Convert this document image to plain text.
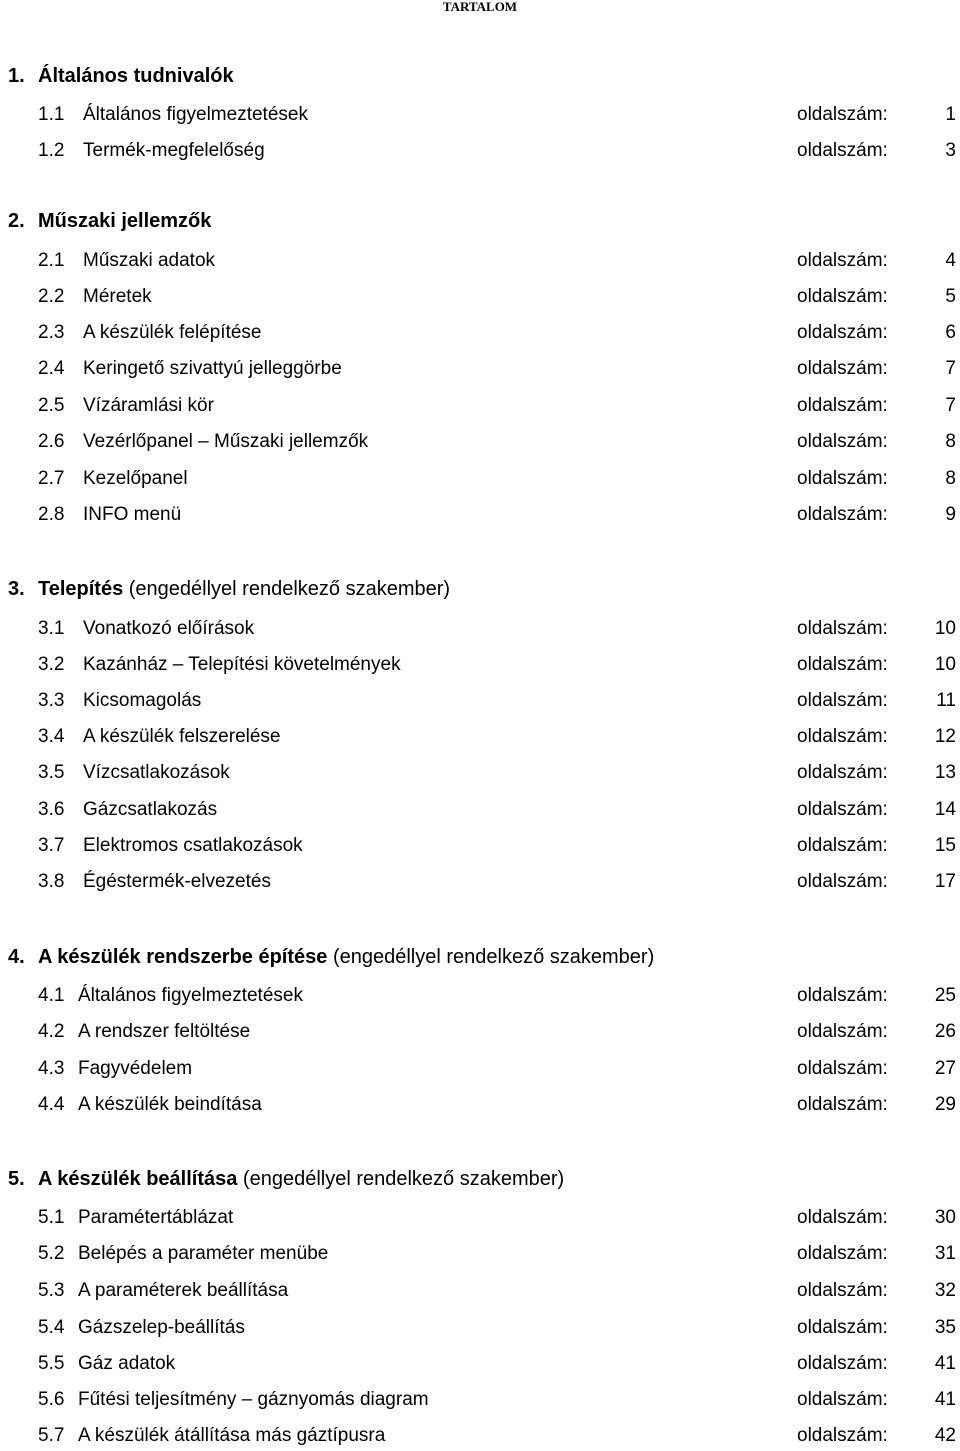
TARTALOM
1. Általános tudnivalók
1.1 Általános figyelmeztetések	oldalszám:	1
1.2 Termék-megfelelőség	oldalszám:	3
2. Műszaki jellemzők
2.1 Műszaki adatok	oldalszám:	4
2.2 Méretek	oldalszám:	5
2.3 A készülék felépítése	oldalszám:	6
2.4 Keringető szivattyú jelleggörbe	oldalszám:	7
2.5 Vízáramlási kör	oldalszám:	7
2.6 Vezérlőpanel – Műszaki jellemzők	oldalszám:	8
2.7 Kezelőpanel	oldalszám:	8
2.8 INFO menü	oldalszám:	9
3. Telepítés (engedéllyel rendelkező szakember)
3.1 Vonatkozó előírások	oldalszám: 10
3.2 Kazánház – Telepítési követelmények	oldalszám: 10
3.3 Kicsomagolás	oldalszám:	11
3.4 A készülék felszerelése	oldalszám: 12
3.5 Vízcsatlakozások	oldalszám: 13
3.6 Gázcsatlakozás	oldalszám: 14
3.7 Elektromos csatlakozások	oldalszám: 15
3.8 Égéstermék-elvezetés	oldalszám: 17
4. A készülék rendszerbe építése (engedéllyel rendelkező szakember)
4.1 Általános figyelmeztetések	oldalszám: 25
4.2 A rendszer feltöltése	oldalszám: 26
4.3 Fagyvédelem	oldalszám: 27
4.4 A készülék beindítása	oldalszám: 29
5. A készülék beállítása (engedéllyel rendelkező szakember)
5.1 Paramétertáblázat	oldalszám: 30
5.2 Belépés a paraméter menübe	oldalszám: 31
5.3 A paraméterek beállítása	oldalszám: 32
5.4 Gázszelep-beállítás	oldalszám: 35
5.5 Gáz adatok	oldalszám: 41
5.6 Fűtési teljesítmény – gáznyomás diagram	oldalszám: 41
5.7 A készülék átállítása más gáztípusra	oldalszám: 42
